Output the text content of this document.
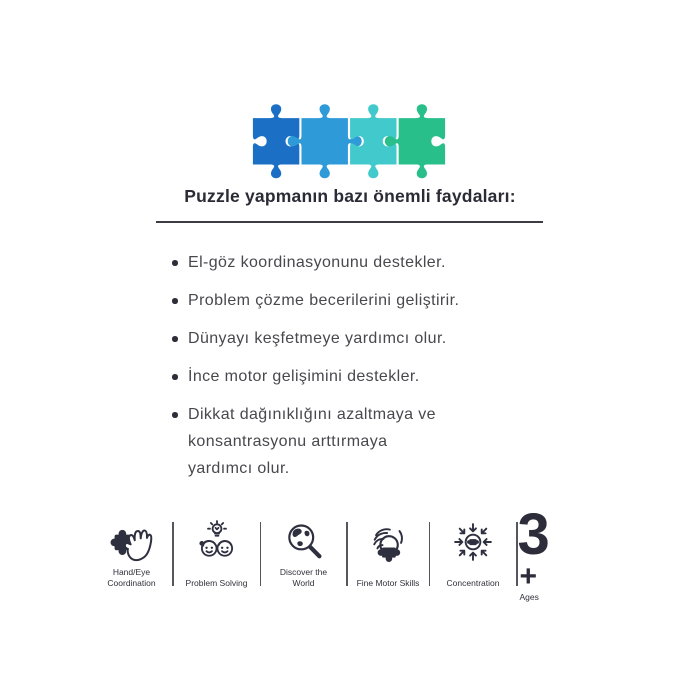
Puzzle yapmanın bazı önemli faydaları:
El-göz koordinasyonunu destekler.
Problem çözme becerilerini geliştirir.
Dünyayı keşfetmeye yardımcı olur.
İnce motor gelişimini destekler.
Dikkat dağınıklığını azaltmaya ve
konsantrasyonu arttırmaya
yardımcı olur.
Hand/Eye
Coordination	Problem Solving
Discover the
World	Fine Motor Skills	Concentration
3
+
Ages
